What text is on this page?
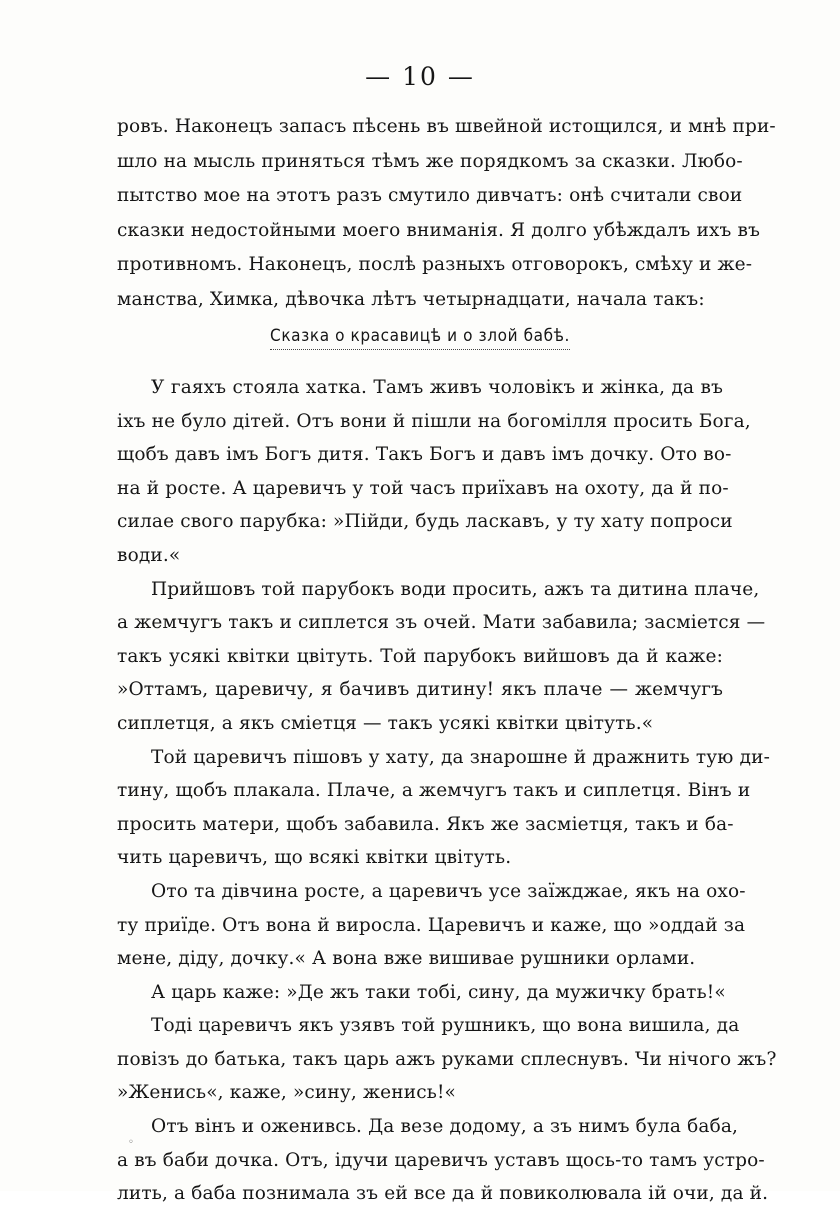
— 10 —
ровъ. Наконецъ запасъ пѣсень въ швейной истощился, и мнѣ при-
шло на мысль приняться тѣмъ же порядкомъ за сказки. Любо-
пытство мое на этотъ разъ смутило дивчатъ: онѣ считали свои
сказки недостойными моего вниманія. Я долго убѣждалъ ихъ въ
противномъ. Наконецъ, послѣ разныхъ отговорокъ, смѣху и же-
манства, Химка, дѣвочка лѣтъ четырнадцати, начала такъ:
Сказка о красавицѣ и о злой бабѣ.
У гаяхъ стояла хатка. Тамъ живъ чоловікъ и жінка, да въ
іхъ не було дітей. Отъ вони й пішли на богомілля просить Бога,
щобъ давъ імъ Богъ дитя. Такъ Богъ и давъ імъ дочку. Ото во-
на й росте. А царевичъ у той часъ приїхавъ на охоту, да й по-
силае свого парубка: »Пійди, будь ласкавъ, у ту хату попроси
води.«
Прийшовъ той парубокъ води просить, ажъ та дитина плаче,
а жемчугъ такъ и сиплется зъ очей. Мати забавила; засміется —
такъ усякі квітки цвітуть. Той парубокъ вийшовъ да й каже:
»Оттамъ, царевичу, я бачивъ дитину! якъ плаче — жемчугъ
сиплетця, а якъ сміетця — такъ усякі квітки цвітуть.«
Той царевичъ пішовъ у хату, да знарошне й дражнить тую ди-
тину, щобъ плакала. Плаче, а жемчугъ такъ и сиплетця. Вінъ и
просить матери, щобъ забавила. Якъ же засміетця, такъ и ба-
чить царевичъ, що всякі квітки цвітуть.
Ото та дівчина росте, а царевичъ усе заїжджае, якъ на охо-
ту приїде. Отъ вона й виросла. Царевичъ и каже, що »оддай за
мене, діду, дочку.« А вона вже вишивае рушники орлами.
А царь каже: »Де жъ таки тобі, сину, да мужичку брать!«
Тоді царевичъ якъ узявъ той рушникъ, що вона вишила, да
повізъ до батька, такъ царь ажъ руками сплеснувъ. Чи нічого жъ?
»Женись«, каже, »сину, женись!«
Отъ вінъ и оженивсь. Да везе додому, а зъ нимъ була баба,
а въ баби дочка. Отъ, ідучи царевичъ уставъ щось-то тамъ устро-
лить, а баба познимала зъ ей все да й повиколювала ій очи, да й.
◦
